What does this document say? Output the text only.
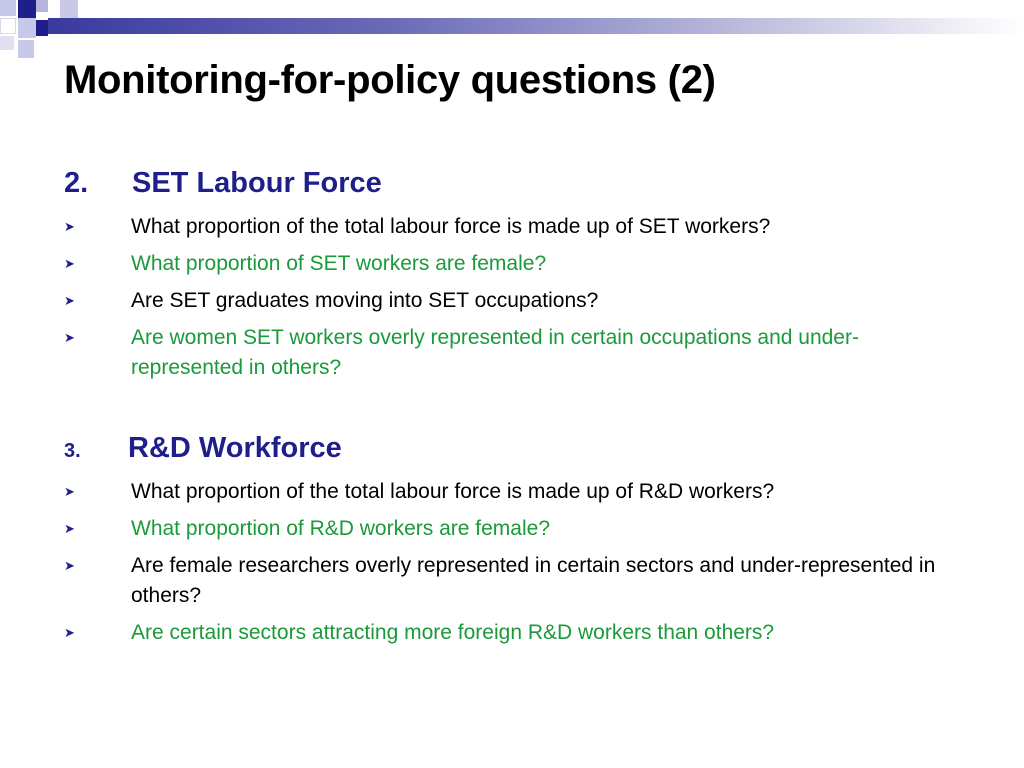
Monitoring-for-policy questions (2)
2. SET Labour Force
➤	What proportion of the total labour force is made up of SET workers?
➤	What proportion of SET workers are female?
➤	Are SET graduates moving into SET occupations?
➤	Are women SET workers overly represented in certain occupations and under-represented in others?
3. R&D Workforce
➤	What proportion of the total labour force is made up of R&D workers?
➤	What proportion of R&D workers are female?
➤	Are female researchers overly represented in certain sectors and under-represented in others?
➤	Are certain sectors attracting more foreign R&D workers than others?
